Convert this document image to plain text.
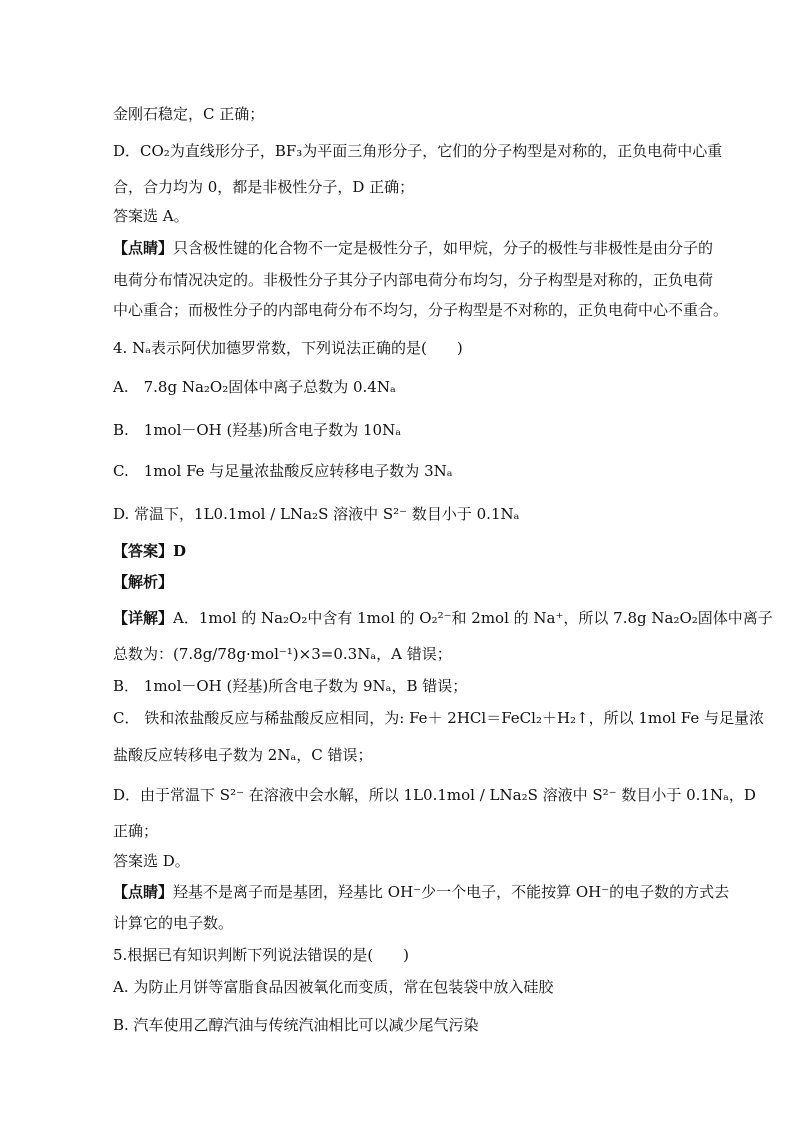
金刚石稳定，C 正确；
D．CO₂为直线形分子，BF₃为平面三角形分子，它们的分子构型是对称的，正负电荷中心重
合，合力均为 0，都是非极性分子，D 正确；
答案选 A。
【点睛】只含极性键的化合物不一定是极性分子，如甲烷，分子的极性与非极性是由分子的
电荷分布情况决定的。非极性分子其分子内部电荷分布均匀，分子构型是对称的，正负电荷
中心重合；而极性分子的内部电荷分布不均匀，分子构型是不对称的，正负电荷中心不重合。
4. Nₐ表示阿伏加德罗常数，下列说法正确的是(　　)
A.　7.8g Na₂O₂固体中离子总数为 0.4Nₐ
B.　1mol－OH (羟基)所含电子数为 10Nₐ
C.　1mol Fe 与足量浓盐酸反应转移电子数为 3Nₐ
D. 常温下，1L0.1mol / LNa₂S 溶液中 S²⁻ 数目小于 0.1Nₐ
【答案】D
【解析】
【详解】A．1mol 的 Na₂O₂中含有 1mol 的 O₂²⁻和 2mol 的 Na⁺，所以 7.8g Na₂O₂固体中离子
总数为：(7.8g/78g·mol⁻¹)×3=0.3Nₐ，A 错误；
B． 1mol－OH (羟基)所含电子数为 9Nₐ，B 错误；
C． 铁和浓盐酸反应与稀盐酸反应相同，为: Fe＋ 2HCl＝FeCl₂＋H₂↑，所以 1mol Fe 与足量浓
盐酸反应转移电子数为 2Nₐ，C 错误；
D．由于常温下 S²⁻ 在溶液中会水解，所以 1L0.1mol / LNa₂S 溶液中 S²⁻ 数目小于 0.1Nₐ，D
正确；
答案选 D。
【点睛】羟基不是离子而是基团，羟基比 OH⁻少一个电子，不能按算 OH⁻的电子数的方式去
计算它的电子数。
5.根据已有知识判断下列说法错误的是(　　)
A. 为防止月饼等富脂食品因被氧化而变质，常在包装袋中放入硅胶
B. 汽车使用乙醇汽油与传统汽油相比可以减少尾气污染
